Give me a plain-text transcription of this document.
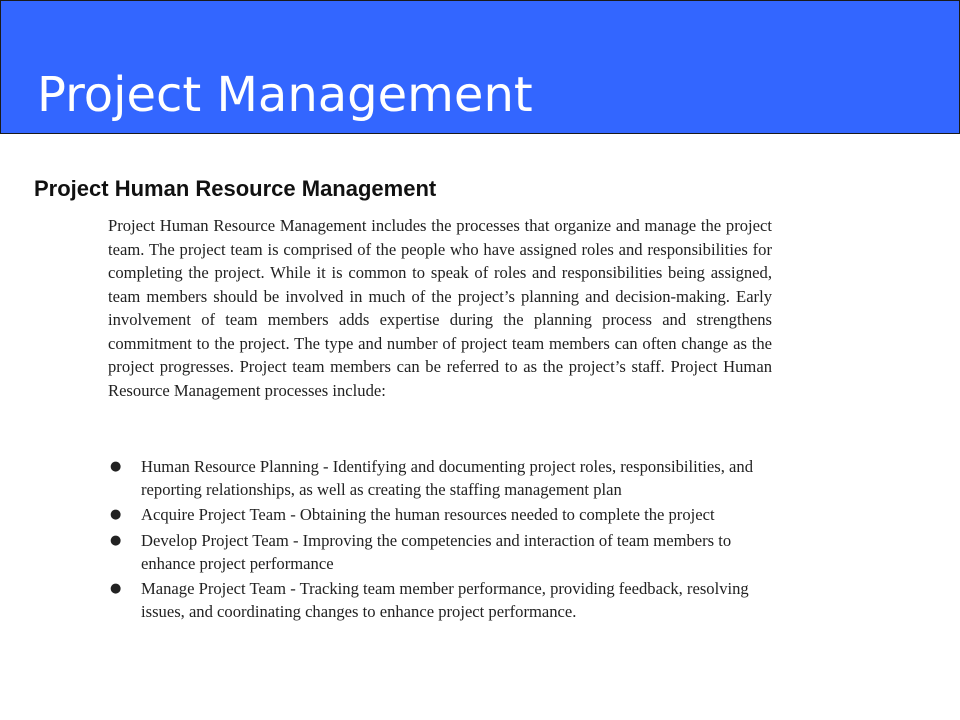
Project Management
Project Human Resource Management

Project Human Resource Management includes the processes that organize and manage the project team. The project team is comprised of the people who have assigned roles and responsibilities for completing the project. While it is common to speak of roles and responsibilities being assigned, team members should be involved in much of the project’s planning and decision-making. Early involvement of team members adds expertise during the planning process and strengthens commitment to the project. The type and number of project team members can often change as the project progresses. Project team members can be referred to as the project’s staff. Project Human Resource Management processes include:

● Human Resource Planning - Identifying and documenting project roles, responsibilities, and reporting relationships, as well as creating the staffing management plan
● Acquire Project Team - Obtaining the human resources needed to complete the project
● Develop Project Team - Improving the competencies and interaction of team members to enhance project performance
● Manage Project Team - Tracking team member performance, providing feedback, resolving issues, and coordinating changes to enhance project performance.
